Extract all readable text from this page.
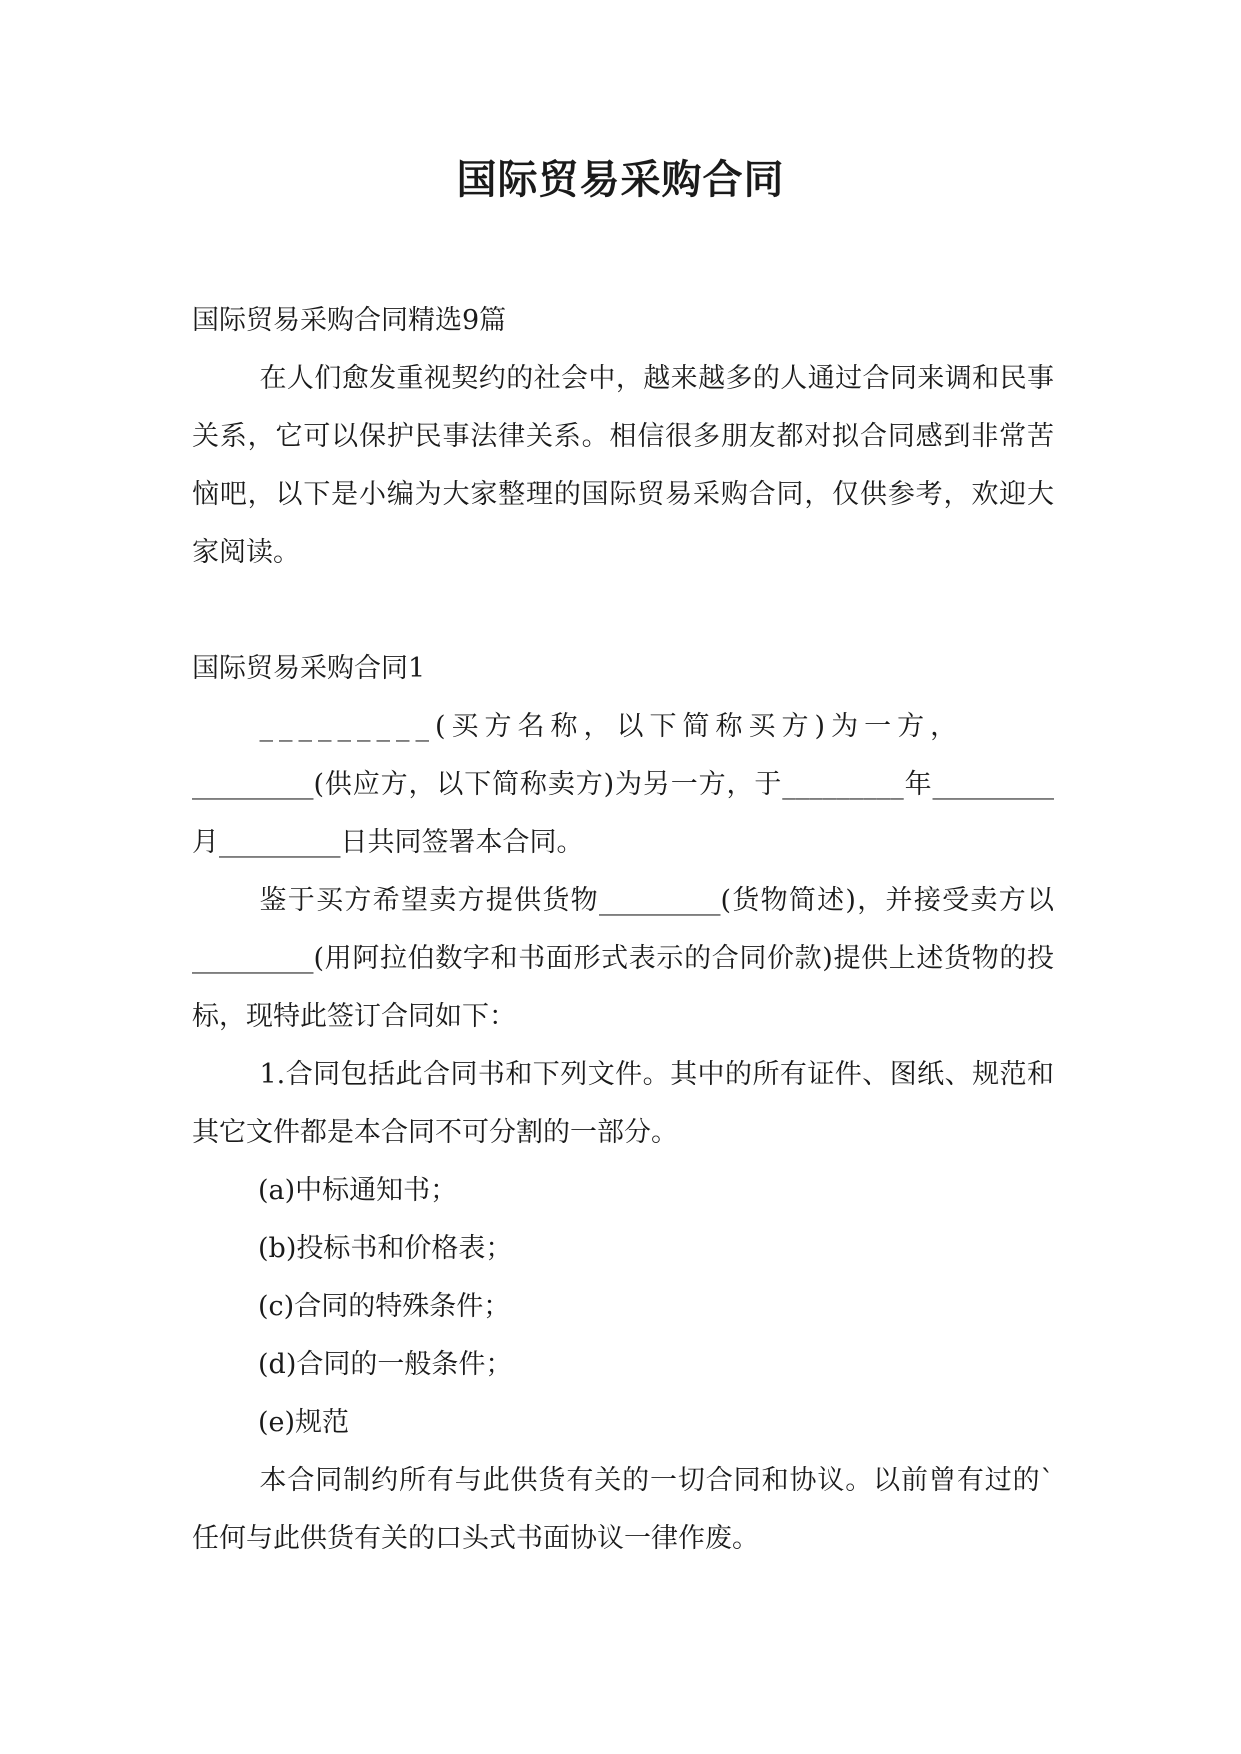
国际贸易采购合同

国际贸易采购合同精选9篇

在人们愈发重视契约的社会中，越来越多的人通过合同来调和民事关系，它可以保护民事法律关系。相信很多朋友都对拟合同感到非常苦恼吧，以下是小编为大家整理的国际贸易采购合同，仅供参考，欢迎大家阅读。

国际贸易采购合同1

_________(买方名称，以下简称买方)为一方，

_________(供应方，以下简称卖方)为另一方，于_________年_________月_________日共同签署本合同。

鉴于买方希望卖方提供货物_________(货物简述)，并接受卖方以_________(用阿拉伯数字和书面形式表示的合同价款)提供上述货物的投标，现特此签订合同如下：

1.合同包括此合同书和下列文件。其中的所有证件、图纸、规范和其它文件都是本合同不可分割的一部分。

(a)中标通知书；

(b)投标书和价格表；

(c)合同的特殊条件；

(d)合同的一般条件；

(e)规范

本合同制约所有与此供货有关的一切合同和协议。以前曾有过的`任何与此供货有关的口头式书面协议一律作废。
